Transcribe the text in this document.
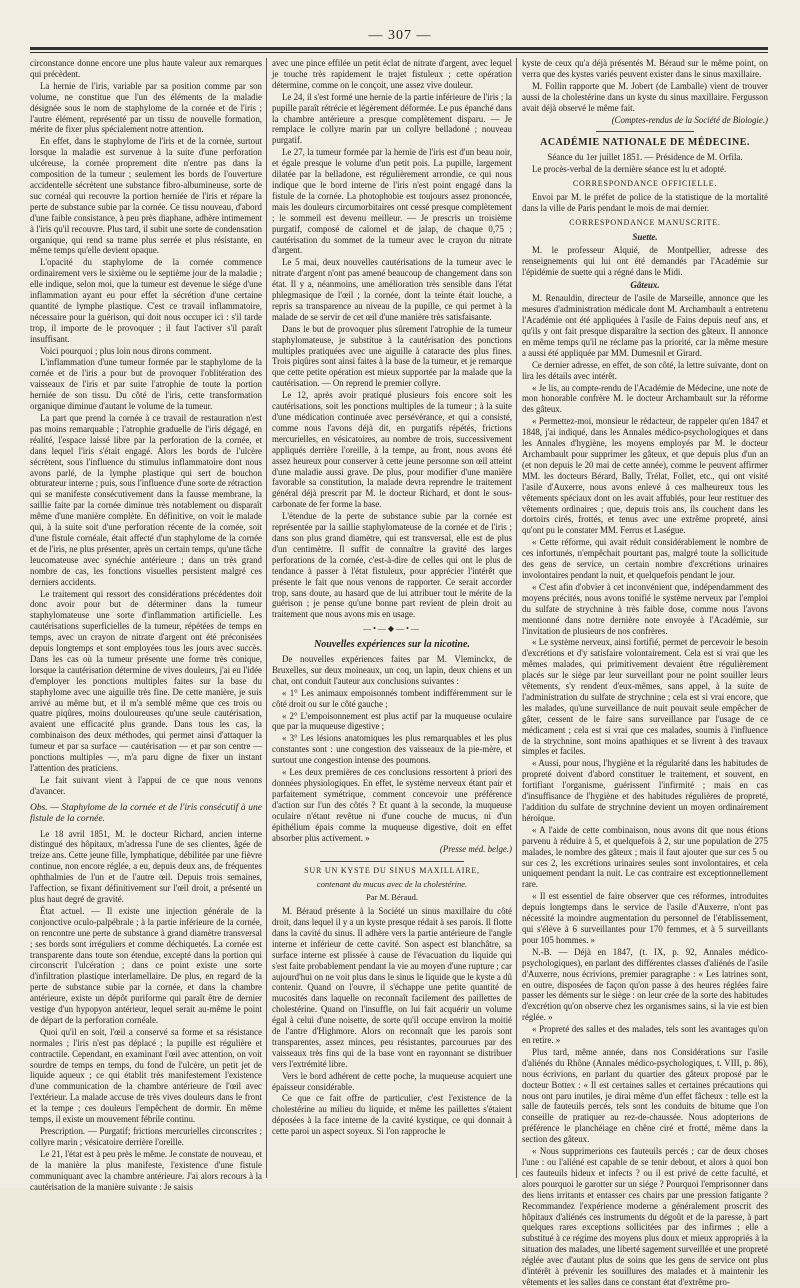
— 307 —

circonstance donne encore une plus haute valeur aux remarques qui précèdent.

La hernie de l'iris, variable par sa position comme par son volume, ne constitue que l'un des éléments de la maladie désignée sous le nom de staphylome de la cornée et de l'iris ; l'autre élément, représenté par un tissu de nouvelle formation, mérite de fixer plus spécialement notre attention.

En effet, dans le staphylome de l'iris et de la cornée, surtout lorsque la maladie est survenue à la suite d'une perforation ulcéreuse, la cornée proprement dite n'entre pas dans la composition de la tumeur ; seulement les bords de l'ouverture accidentelle sécrètent une substance fibro-albumineuse, sorte de suc cornéal qui recouvre la portion herniée de l'iris et répare la perte de substance subie par la cornée. Ce tissu nouveau, d'abord d'une faible consistance, à peu près diaphane, adhère intimement à l'iris qu'il recouvre. Plus tard, il subit une sorte de condensation organique, qui rend sa trame plus serrée et plus résistante, en même temps qu'elle devient opaque.

L'opacité du staphylome de la cornée commence ordinairement vers le sixième ou le septième jour de la maladie ; elle indique, selon moi, que la tumeur est devenue le siége d'une inflammation ayant eu pour effet la sécrétion d'une certaine quantité de lymphe plastique. C'est ce travail inflammatoire, nécessaire pour la guérison, qui doit nous occuper ici : s'il tarde trop, il importe de le provoquer ; il faut l'activer s'il paraît insuffisant.

Voici pourquoi ; plus loin nous dirons comment.

L'inflammation d'une tumeur formée par le staphylome de la cornée et de l'iris a pour but de provoquer l'oblitération des vaisseaux de l'iris et par suite l'atrophie de toute la portion herniée de son tissu. Du côté de l'iris, cette transformation organique diminue d'autant le volume de la tumeur.

La part que prend la cornée à ce travail de restauration n'est pas moins remarquable ; l'atrophie graduelle de l'iris dégagé, en réalité, l'espace laissé libre par la perforation de la cornée, et dans lequel l'iris s'était engagé. Alors les bords de l'ulcère sécrètent, sous l'influence du stimulus inflammatoire dont nous avons parlé, de la lymphe plastique qui sert de bouchon obturateur interne ; puis, sous l'influence d'une sorte de rétraction qui se manifeste consécutivement dans la fausse membrane, la saillie faite par la cornée diminue très notablement ou disparaît même d'une manière complète. En définitive, on voit le malade qui, à la suite soit d'une perforation récente de la cornée, soit d'une fistule cornéale, était affecté d'un staphylome de la cornée et de l'iris, ne plus présenter, après un certain temps, qu'une tâche leucomateuse avec synéchie antérieure ; dans un très grand nombre de cas, les fonctions visuelles persistent malgré ces derniers accidents.

Le traitement qui ressort des considérations précédentes doit donc avoir pour but de déterminer dans la tumeur staphylomateuse une sorte d'inflammation artificielle. Les cautérisations superficielles de la tumeur, répétées de temps en temps, avec un crayon de nitrate d'argent ont été préconisées depuis longtemps et sont employées tous les jours avec succès. Dans les cas où la tumeur présente une forme très conique, lorsque la cautérisation détermine de vives douleurs, j'ai eu l'idée d'employer les ponctions multiples faites sur la base du staphylome avec une aiguille très fine. De cette manière, je suis arrivé au même but, et il m'a semblé même que ces trois ou quatre piqûres, moins douloureuses qu'une seule cautérisation, avaient une efficacité plus grande. Dans tous les cas, la combinaison des deux méthodes, qui permet ainsi d'attaquer la tumeur et par sa surface — cautérisation — et par son centre — ponctions multiples —, m'a paru digne de fixer un instant l'attention des praticiens.

Le fait suivant vient à l'appui de ce que nous venons d'avancer.

Obs. — Staphylome de la cornée et de l'iris consécutif à une fistule de la cornée.

Le 18 avril 1851, M. le docteur Richard, ancien interne distingué des hôpitaux, m'adressa l'une de ses clientes, âgée de treize ans. Cette jeune fille, lymphatique, débilitée par une fièvre continue, non encore réglée, a eu, depuis deux ans, de fréquentes ophthalmies de l'un et de l'autre œil. Depuis trois semaines, l'affection, se fixant définitivement sur l'œil droit, a présenté un plus haut degré de gravité.

État actuel. — Il existe une injection générale de la conjonctive oculo-palpébrale ; à la partie inférieure de la cornée, on rencontre une perte de substance à grand diamètre transversal ; ses bords sont irréguliers et comme déchiquetés. La cornée est transparente dans toute son étendue, excepté dans la portion qui circonscrit l'ulcération ; dans ce point existe une sorte d'infiltration plastique interlamellaire. De plus, en regard de la perte de substance subie par la cornée, et dans la chambre antérieure, existe un dépôt puriforme qui paraît être de dernier vestige d'un hypopyon antérieur, lequel serait au-même le point de départ de la perforation cornéale.

Quoi qu'il en soit, l'œil a conservé sa forme et sa résistance normales ; l'iris n'est pas déplacé ; la pupille est régulière et contractile. Cependant, en examinant l'œil avec attention, on voit sourdre de temps en temps, du fond de l'ulcère, un petit jet de liquide aqueux ; ce qui établit très manifestement l'existence d'une communication de la chambre antérieure de l'œil avec l'extérieur. La malade accuse de très vives douleurs dans le front et la tempe ; ces douleurs l'empêchent de dormir. En même temps, il existe un mouvement fébrile continu.

Prescription. — Purgatif; frictions mercurielles circonscrites ; collyre marin ; vésicatoire derrière l'oreille.

Le 21, l'état est à peu près le même. Je constate de nouveau, et de la manière la plus manifeste, l'existence d'une fistule communiquant avec la chambre antérieure. J'ai alors recours à la cautérisation de la manière suivante : Je saisis

avec une pince effilée un petit éclat de nitrate d'argent, avec lequel je touche très rapidement le trajet fistuleux ; cette opération détermine, comme on le conçoit, une assez vive douleur.

Le 24, il s'est formé une hernie de la partie inférieure de l'iris ; la pupille paraît rétrécie et légèrement déformée. Le pus épanché dans la chambre antérieure a presque complètement disparu. — Je remplace le collyre marin par un collyre belladoné ; nouveau purgatif.

Le 27, la tumeur formée par la hernie de l'iris est d'un beau noir, et égale presque le volume d'un petit pois. La pupille, largement dilatée par la belladone, est régulièrement arrondie, ce qui nous indique que le bord interne de l'iris n'est point engagé dans la fistule de la cornée. La photophobie est toujours assez prononcée, mais les douleurs circumorbitaires ont cessé presque complètement ; le sommeil est devenu meilleur. — Je prescris un troisième purgatif, composé de calomel et de jalap, de chaque 0,75 ; cautérisation du sommet de la tumeur avec le crayon du nitrate d'argent.

Le 5 mai, deux nouvelles cautérisations de la tumeur avec le nitrate d'argent n'ont pas amené beaucoup de changement dans son état. Il y a, néanmoins, une amélioration très sensible dans l'état phlegmasique de l'œil ; la cornée, dont la teinte était louche, a repris sa transparence au niveau de la pupille, ce qui permet à la malade de se servir de cet œil d'une manière très satisfaisante.

Dans le but de provoquer plus sûrement l'atrophie de la tumeur staphylomateuse, je substitue à la cautérisation des ponctions multiples pratiquées avec une aiguille à cataracte des plus fines. Trois piqûres sont ainsi faites à la base de la tumeur, et je remarque que cette petite opération est mieux supportée par la malade que la cautérisation. — On reprend le premier collyre.

Le 12, après avoir pratiqué plusieurs fois encore soit les cautérisations, soit les ponctions multiples de la tumeur ; à la suite d'une médication continuée avec persévérance, et qui a consisté, comme nous l'avons déjà dit, en purgatifs répétés, frictions mercurielles, en vésicatoires, au nombre de trois, successivement appliqués derrière l'oreille, à la tempe, au front, nous avons été assez heureux pour conserver à cette jeune personne son œil atteint d'une maladie aussi grave. De plus, pour modifier d'une manière favorable sa constitution, la malade devra reprendre le traitement général déjà prescrit par M. le docteur Richard, et dont le sous-carbonate de fer forme la base.

L'étendue de la perte de substance subie par la cornée est représentée par la saillie staphylomateuse de la cornée et de l'iris ; dans son plus grand diamètre, qui est transversal, elle est de plus d'un centimètre. Il suffit de connaître la gravité des larges perforations de la cornée, c'est-à-dire de celles qui ont le plus de tendance à passer à l'état fistuleux, pour apprécier l'intérêt que présente le fait que nous venons de rapporter. Ce serait accorder trop, sans doute, au hasard que de lui attribuer tout le mérite de la guérison ; je pense qu'une bonne part revient de plein droit au traitement que nous avons mis en usage.

—•—◆—•—
Nouvelles expériences sur la nicotine.

De nouvelles expériences faites par M. Vleminckx, de Bruxelles, sur deux moineaux, un coq, un lapin, deux chiens et un chat, ont conduit l'auteur aux conclusions suivantes :

« 1° Les animaux empoisonnés tombent indifféremment sur le côté droit ou sur le côté gauche ;

« 2° L'empoisonnement est plus actif par la muqueuse oculaire que par la muqueuse digestive ;

« 3° Les lésions anatomiques les plus remarquables et les plus constantes sont : une congestion des vaisseaux de la pie-mère, et surtout une congestion intense des poumons.

« Les deux premières de ces conclusions ressortent à priori des données physiologiques. En effet, le système nerveux étant pair et parfaitement symétrique, comment concevoir une préférence d'action sur l'un des côtés ? Et quant à la seconde, la muqueuse oculaire n'étant revêtue ni d'une couche de mucus, ni d'un épithélium épais comme la muqueuse digestive, doit en effet absorber plus activement. »

(Presse méd. belge.)

SUR UN KYSTE DU SINUS MAXILLAIRE,
contenant du mucus avec de la cholestérine.
Par M. Béraud.

M. Béraud présente à la Société un sinus maxillaire du côté droit, dans lequel il y a un kyste presque rédait à ses parois. Il flotte dans la cavité du sinus. Il adhère vers la partie antérieure de l'angle interne et inférieur de cette cavité. Son aspect est blanchâtre, sa surface interne est plissée à cause de l'évacuation du liquide qui s'est faite probablement pendant la vie au moyen d'une rupture ; car aujourd'hui on ne voit plus dans le sinus le liquide que le kyste a dû contenir. Quand on l'ouvre, il s'échappe une petite quantité de mucosités dans laquelle on reconnaît facilement des paillettes de cholestérine. Quand on l'insuffle, on lui fait acquérir un volume égal à celui d'une noisette, de sorte qu'il occupe environ la moitié de l'antre d'Highmore. Alors on reconnaît que les parois sont transparentes, assez minces, peu résistantes, parcourues par des vaisseaux très fins qui de la base vont en rayonnant se distribuer vers l'extrémité libre.

Vers le bord adhérent de cette poche, la muqueuse acquiert une épaisseur considérable.

Ce que ce fait offre de particulier, c'est l'existence de la cholestérine au milieu du liquide, et même les paillettes s'étaient déposées à la face interne de la cavité kystique, ce qui donnait à cette paroi un aspect soyeux. Si l'on rapproche le

kyste de ceux qu'a déjà présentés M. Béraud sur le même point, on verra que des kystes variés peuvent exister dans le sinus maxillaire.

M. Follin rapporte que M. Jobert (de Lamballe) vient de trouver aussi de la cholestérine dans un kyste du sinus maxillaire. Fergusson avait déjà observé le même fait.

(Comptes-rendus de la Société de Biologie.)

ACADÉMIE NATIONALE DE MÉDECINE.

Séance du 1er juillet 1851. — Présidence de M. Orfila.

Le procès-verbal de la dernière séance est lu et adopté.

CORRESPONDANCE OFFICIELLE.

Envoi par M. le préfet de police de la statistique de la mortalité dans la ville de Paris pendant le mois de mai dernier.

CORRESPONDANCE MANUSCRITE.
Suette.

M. le professeur Alquié, de Montpellier, adresse des renseignements qui lui ont été demandés par l'Académie sur l'épidémie de suette qui a régné dans le Midi.

Gâteux.

M. Renauldin, directeur de l'asile de Marseille, annonce que les mesures d'administration médicale dont M. Archambault a entretenu l'Académie ont été appliquées à l'asile de Fains depuis neuf ans, et qu'ils y ont fait presque disparaître la section des gâteux. Il annonce en même temps qu'il ne réclame pas la priorité, car la même mesure a aussi été appliquée par MM. Dumesnil et Girard.

Ce dernier adresse, en effet, de son côté, la lettre suivante, dont on lira les détails avec intérêt.

« Je lis, au compte-rendu de l'Académie de Médecine, une note de mon honorable confrère M. le docteur Archambault sur la réforme des gâteux.

« Permettez-moi, monsieur le rédacteur, de rappeler qu'en 1847 et 1848, j'ai indiqué, dans les Annales médico-psychologiques et dans les Annales d'hygiène, les moyens employés par M. le docteur Archambault pour supprimer les gâteux, et que depuis plus d'un an (et non depuis le 20 mai de cette année), comme le peuvent affirmer MM. les docteurs Bérard, Bally, Trélat, Follet, etc., qui ont visité l'asile d'Auxerre, nous avons enlevé à ces malheureux tous les vêtements spéciaux dont on les avait affublés, pour leur restituer des vêtements ordinaires ; que, depuis trois ans, ils couchent dans les dortoirs cirés, frottés, et tenus avec une extrême propreté, ainsi qu'ont pu le constater MM. Ferrus et Laségue.

« Cette réforme, qui avait réduit considérablement le nombre de ces infortunés, n'empêchait pourtant pas, malgré toute la sollicitude des gens de service, un certain nombre d'excrétions urinaires involontaires pendant la nuit, et quelquefois pendant le jour.

« C'est afin d'obvier à cet inconvénient que, indépendamment des moyens précités, nous avons tonifié le système nerveux par l'emploi du sulfate de strychnine à très faible dose, comme nous l'avons mentionné dans notre dernière note envoyée à l'Académie, sur l'invitation de plusieurs de nos confrères.

« Le système nerveux, ainsi fortifié, permet de percevoir le besoin d'excrétions et d'y satisfaire volontairement. Cela est si vrai que les mêmes malades, qui primitivement devaient être régulièrement placés sur le siège par leur surveillant pour ne point souiller leurs vêtements, s'y rendent d'eux-mêmes, sans appel, à la suite de l'administration du sulfate de strychnine ; cela est si vrai encore, que les malades, qu'une surveillance de nuit pouvait seule empêcher de gâter, cessent de le faire sans surveillance par l'usage de ce médicament ; cela est si vrai que ces malades, soumis à l'influence de la strychnine, sont moins apathiques et se livrent à des travaux simples et faciles.

« Aussi, pour nous, l'hygiène et la régularité dans les habitudes de propreté doivent d'abord constituer le traitement, et souvent, en fortifiant l'organisme, guérissent l'infirmité ; mais en cas d'insuffisance de l'hygiène et des habitudes régulières de propreté, l'addition du sulfate de strychnine devient un moyen ordinairement héroïque.

« A l'aide de cette combinaison, nous avons dit que nous étions parvenu à réduire à 5, et quelquefois à 2, sur une population de 275 malades, le nombre des gâteux ; mais il faut ajouter que sur ces 5 ou sur ces 2, les excrétions urinaires seules sont involontaires, et cela uniquement pendant la nuit. Le cas contraire est exceptionnellement rare.

« Il est essentiel de faire observer que ces réformes, introduites depuis longtemps dans le service de l'asile d'Auxerre, n'ont pas nécessité la moindre augmentation du personnel de l'établissement, qui s'élève à 6 surveillantes pour 170 femmes, et à 5 surveillants pour 105 hommes. »

N.-B. — Déjà en 1847, (t. IX, p. 92, Annales médico-psychologiques), en parlant des différentes classes d'aliénés de l'asile d'Auxerre, nous écrivions, premier paragraphe : « Les latrines sont, en outre, disposées de façon qu'on passe à des heures réglées faire passer les déments sur le siège : on leur crée de la sorte des habitudes d'excrétion qu'on observe chez les organismes sains, si la vie est bien réglée. »

« Propreté des salles et des malades, tels sont les avantages qu'on en retire. »

Plus tard, même année, dans nos Considérations sur l'asile d'aliénés du Rhône (Annales médico-psychologiques, t. VIII, p. 86), nous écrivions, en parlant du quartier des gâteux proposé par le docteur Bottex : « Il est certaines salles et certaines précautions qui nous ont paru inutiles, je dirai même d'un effet fâcheux : telle est la salle de fauteuils percés, tels sont les conduits de bitume que l'on conseille de pratiquer au rez-de-chaussée. Nous adopterions de préférence le planchéiage en chêne ciré et frotté, même dans la section des gâteux.

« Nous supprimerions ces fauteuils percés ; car de deux choses l'une : ou l'aliéné est capable de se tenir debout, et alors à quoi bon ces fauteuils hideux et infects ? ou il est privé de cette faculté, et alors pourquoi le garotter sur un siége ? Pourquoi l'emprisonner dans des liens irritants et entasser ces chairs par une pression fatigante ? Recommandez l'expérience moderne a généralement proscrit des hôpitaux d'aliénés ces instruments du dégoût et de la paresse, à part quelques rares exceptions sollicitées par des infirmes ; elle a substitué à ce régime des moyens plus doux et mieux appropriés à la situation des malades, une liberté sagement surveillée et une propreté réglée avec d'autant plus de soins que les gens de service ont plus d'intérêt à prévenir les souillures des malades et à maintenir les vêtements et les salles dans ce constant état d'extrême pro-
